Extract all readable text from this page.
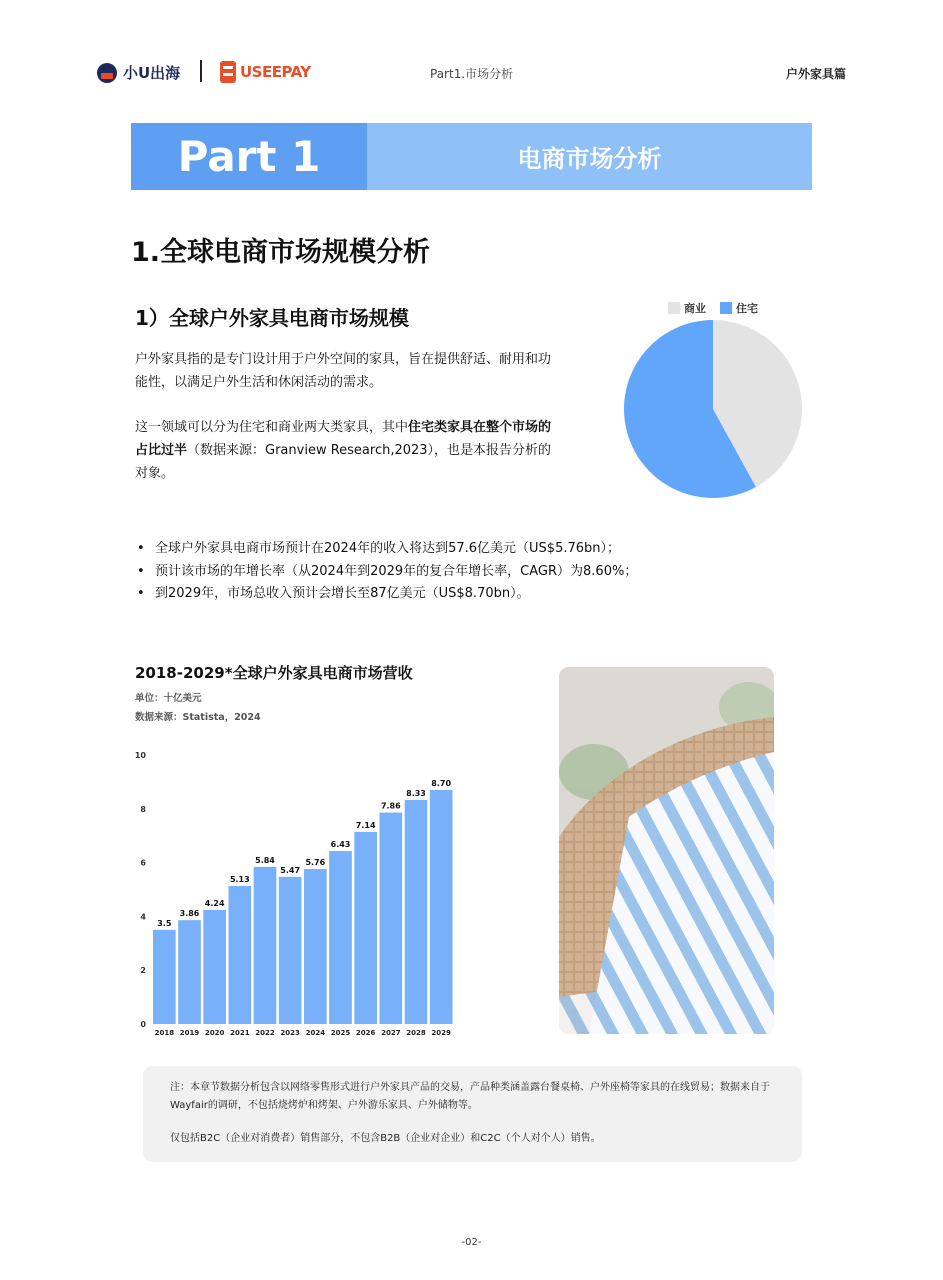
小U出海	USEEPAY	Part1.市场分析	户外家具篇
Part 1	电商市场分析
1.全球电商市场规模分析
1）全球户外家具电商市场规模
户外家具指的是专门设计用于户外空间的家具，旨在提供舒适、耐用和功能性，以满足户外生活和休闲活动的需求。
这一领域可以分为住宅和商业两大类家具，其中住宅类家具在整个市场的占比过半（数据来源：Granview Research,2023），也是本报告分析的对象。
商业	住宅
• 全球户外家具电商市场预计在2024年的收入将达到57.6亿美元（US$5.76bn）；
• 预计该市场的年增长率（从2024年到2029年的复合年增长率，CAGR）为8.60%；
• 到2029年，市场总收入预计会增长至87亿美元（US$8.70bn）。
2018-2029*全球户外家具电商市场营收
单位：十亿美元
数据来源：Statista，2024
0
2
4
6
8
10
3.5
2018
3.86
2019
4.24
2020
5.13
2021
5.84
2022
5.47
2023
5.76
2024
6.43
2025
7.14
2026
7.86
2027
8.33
2028
8.70
2029
注：本章节数据分析包含以网络零售形式进行户外家具产品的交易，产品种类涵盖露台餐桌椅、户外座椅等家具的在线贸易；数据来自于Wayfair的调研，不包括烧烤炉和烤架、户外游乐家具、户外储物等。
仅包括B2C（企业对消费者）销售部分，不包含B2B（企业对企业）和C2C（个人对个人）销售。
-02-
